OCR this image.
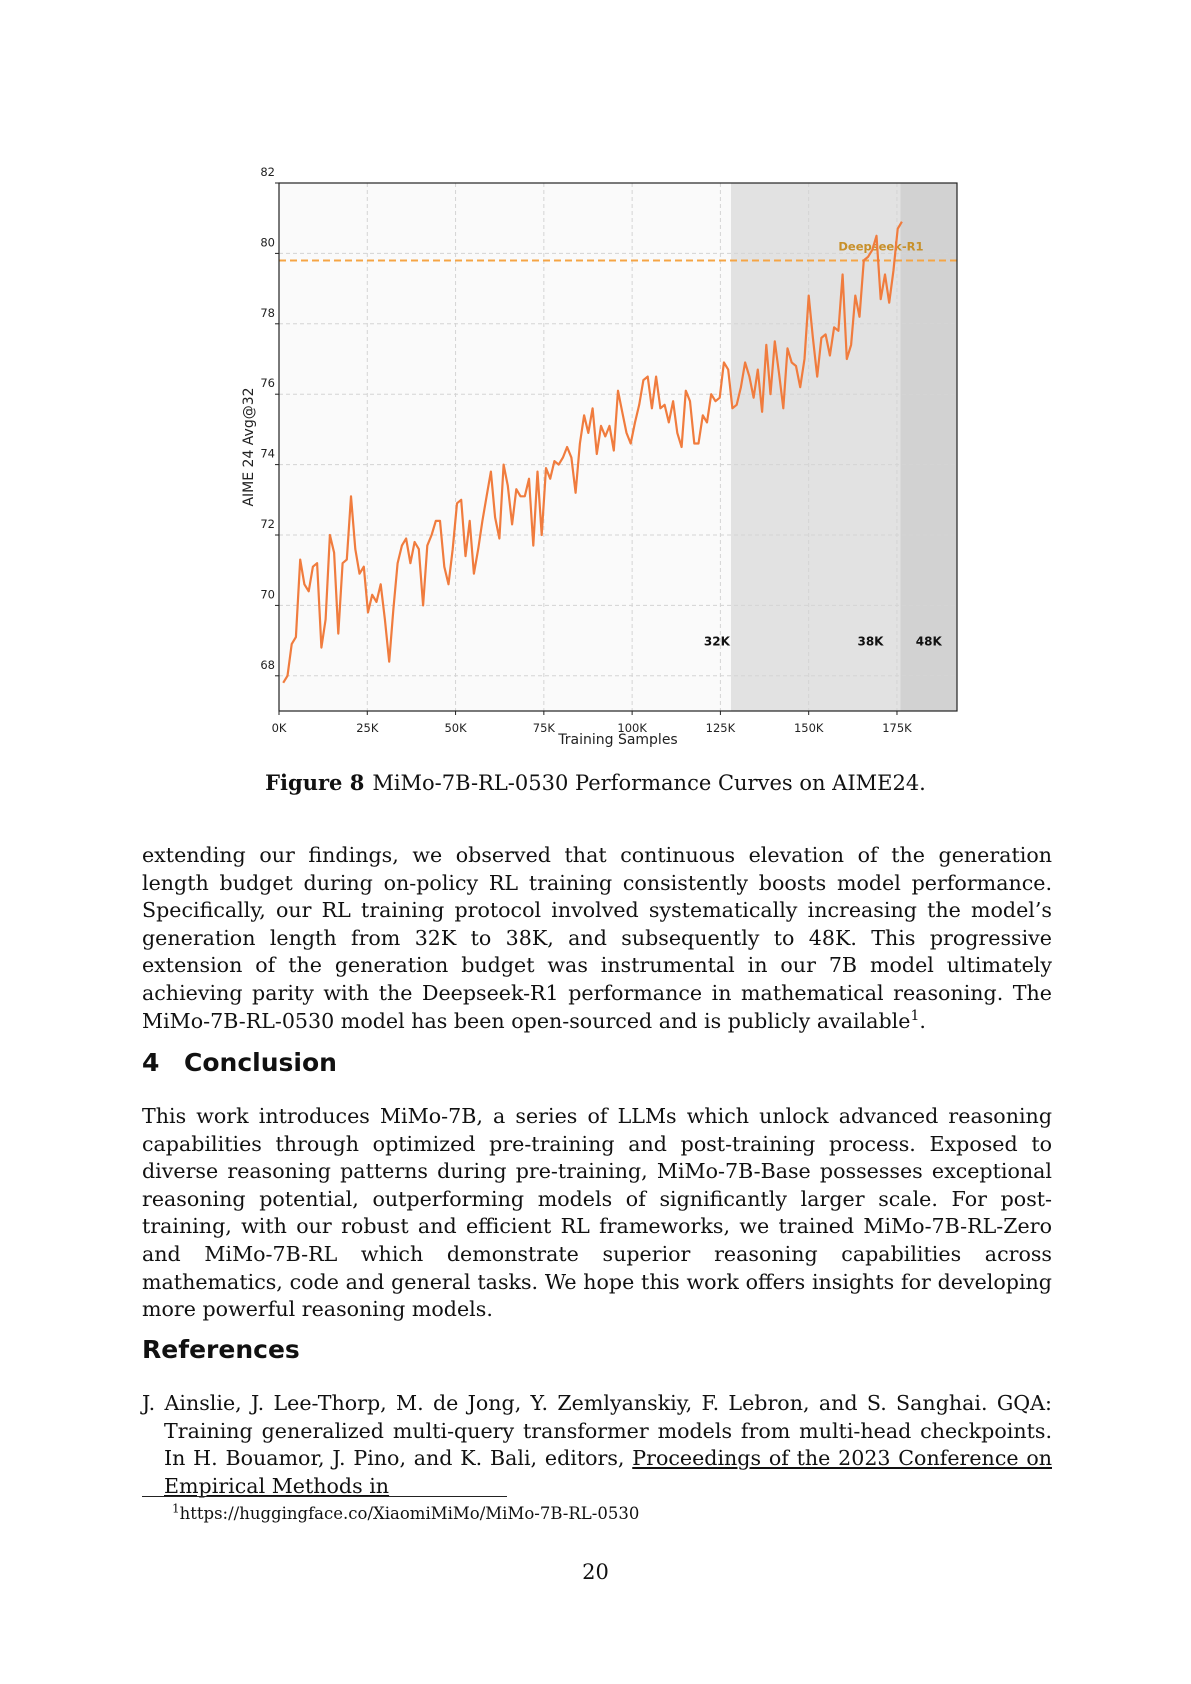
Deepseek-R1
32K	38K	48K
0K	25K	50K	75K	100K	125K	150K	175K
68
70
72
74
76
78
80
82
Training Samples
AIME 24 Avg@32
Figure 8 MiMo-7B-RL-0530 Performance Curves on AIME24.
extending our findings, we observed that continuous elevation of the generation length budget during on-policy RL training consistently boosts model performance. Specifically, our RL training protocol involved systematically increasing the model’s generation length from 32K to 38K, and subsequently to 48K. This progressive extension of the generation budget was instrumental in our 7B model ultimately achieving parity with the Deepseek-R1 performance in mathematical reasoning. The MiMo-7B-RL-0530 model has been open-sourced and is publicly available$^1$.
4 Conclusion
This work introduces MiMo-7B, a series of LLMs which unlock advanced reasoning capabilities through optimized pre-training and post-training process. Exposed to diverse reasoning patterns during pre-training, MiMo-7B-Base possesses exceptional reasoning potential, outperforming models of significantly larger scale. For post-training, with our robust and efficient RL frameworks, we trained MiMo-7B-RL-Zero and MiMo-7B-RL which demonstrate superior reasoning capabilities across mathematics, code and general tasks. We hope this work offers insights for developing more powerful reasoning models.
References
J. Ainslie, J. Lee-Thorp, M. de Jong, Y. Zemlyanskiy, F. Lebron, and S. Sanghai. GQA: Training generalized multi-query transformer models from multi-head checkpoints. In H. Bouamor, J. Pino, and K. Bali, editors, Proceedings of the 2023 Conference on Empirical Methods in
$^1$https://huggingface.co/XiaomiMiMo/MiMo-7B-RL-0530
20
